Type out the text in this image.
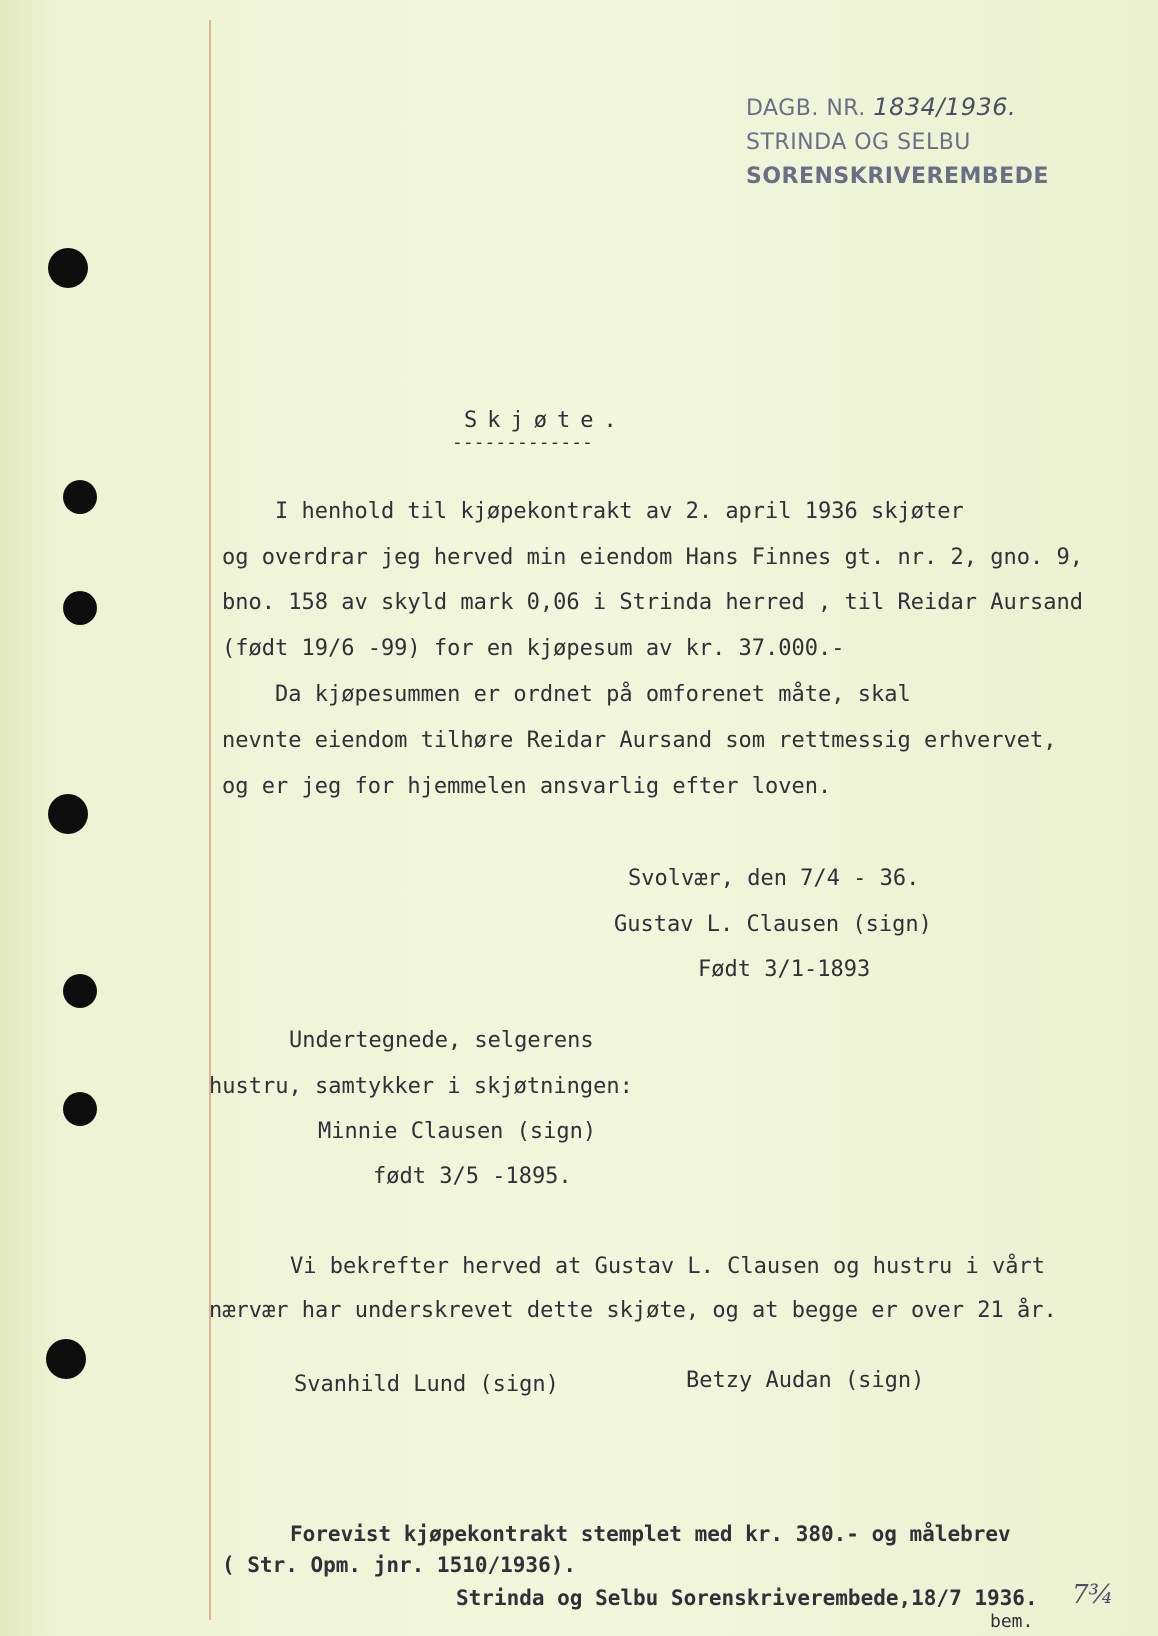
DAGB. NR. 1834/1936.
STRINDA OG SELBU
SORENSKRIVEREMBEDE
Skjøte.
-------------
I henhold til kjøpekontrakt av 2. april 1936 skjøter
og overdrar jeg herved min eiendom Hans Finnes gt. nr. 2, gno. 9,
bno. 158 av skyld mark 0,06 i Strinda herred , til Reidar Aursand
(født 19/6 -99) for en kjøpesum av kr. 37.000.-
Da kjøpesummen er ordnet på omforenet måte, skal
nevnte eiendom tilhøre Reidar Aursand som rettmessig erhvervet,
og er jeg for hjemmelen ansvarlig efter loven.
Svolvær, den 7/4 - 36.
Gustav L. Clausen (sign)
Født 3/1-1893
Undertegnede, selgerens
hustru, samtykker i skjøtningen:
Minnie Clausen (sign)
født 3/5 -1895.
Vi bekrefter herved at Gustav L. Clausen og hustru i vårt
nærvær har underskrevet dette skjøte, og at begge er over 21 år.
Svanhild Lund (sign)	Betzy Audan (sign)
Forevist kjøpekontrakt stemplet med kr. 380.- og målebrev
( Str. Opm. jnr. 1510/1936).
Strinda og Selbu Sorenskriverembede,18/7 1936.
bem.
7¾
